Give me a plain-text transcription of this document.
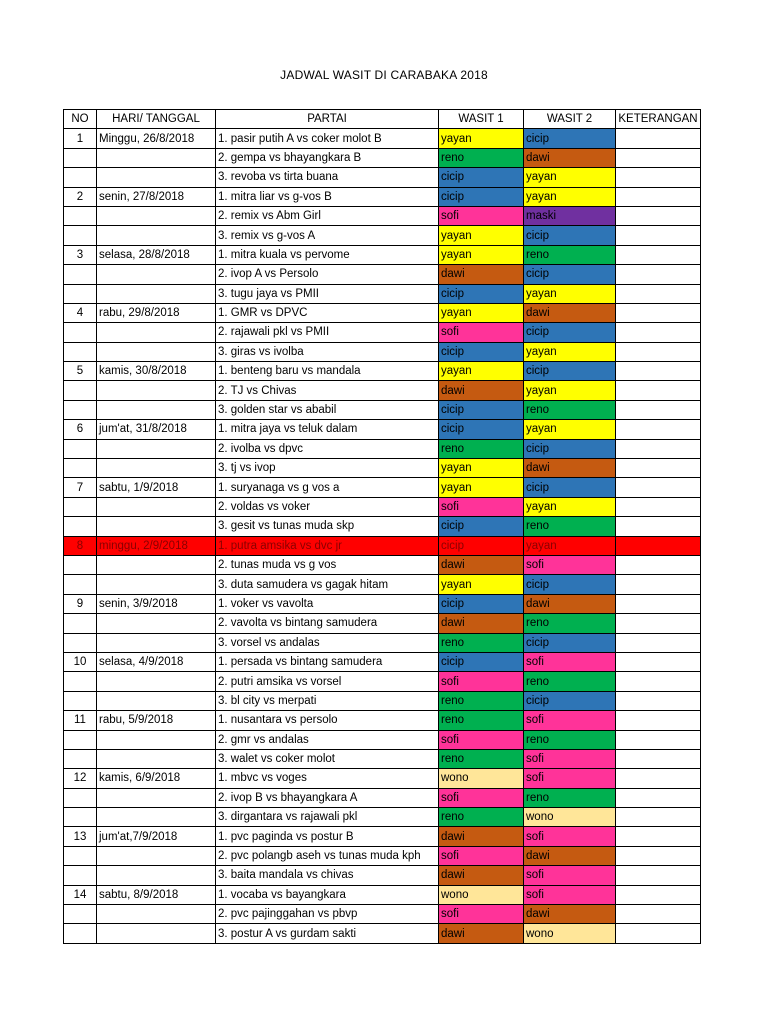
JADWAL WASIT DI CARABAKA 2018
NO	HARI/ TANGGAL	PARTAI	WASIT 1	WASIT 2	KETERANGAN
1	Minggu, 26/8/2018	1. pasir putih A vs coker molot B	yayan	cicip	
		2. gempa vs bhayangkara B	reno	dawi	
		3. revoba vs tirta buana	cicip	yayan	
2	senin, 27/8/2018	1. mitra liar vs g-vos B	cicip	yayan	
		2. remix vs Abm Girl	sofi	maski	
		3. remix vs g-vos A	yayan	cicip	
3	selasa, 28/8/2018	1. mitra kuala vs pervome	yayan	reno	
		2. ivop A vs Persolo	dawi	cicip	
		3. tugu jaya vs PMII	cicip	yayan	
4	rabu, 29/8/2018	1. GMR vs DPVC	yayan	dawi	
		2. rajawali pkl vs PMII	sofi	cicip	
		3. giras vs ivolba	cicip	yayan	
5	kamis, 30/8/2018	1. benteng baru vs mandala	yayan	cicip	
		2. TJ vs Chivas	dawi	yayan	
		3. golden star vs ababil	cicip	reno	
6	jum'at, 31/8/2018	1. mitra jaya vs teluk dalam	cicip	yayan	
		2. ivolba vs dpvc	reno	cicip	
		3. tj vs ivop	yayan	dawi	
7	sabtu, 1/9/2018	1. suryanaga vs g vos a	yayan	cicip	
		2. voldas vs voker	sofi	yayan	
		3. gesit vs tunas muda skp	cicip	reno	
8	minggu, 2/9/2018	1. putra amsika vs dvc jr	cicip	yayan	
		2. tunas muda vs g vos	dawi	sofi	
		3. duta samudera vs gagak hitam	yayan	cicip	
9	senin, 3/9/2018	1. voker vs vavolta	cicip	dawi	
		2. vavolta vs bintang samudera	dawi	reno	
		3. vorsel vs andalas	reno	cicip	
10	selasa, 4/9/2018	1. persada vs bintang samudera	cicip	sofi	
		2. putri amsika vs vorsel	sofi	reno	
		3. bl city vs merpati	reno	cicip	
11	rabu, 5/9/2018	1. nusantara vs persolo	reno	sofi	
		2. gmr vs andalas	sofi	reno	
		3. walet vs coker molot	reno	sofi	
12	kamis, 6/9/2018	1. mbvc vs voges	wono	sofi	
		2. ivop B vs bhayangkara A	sofi	reno	
		3. dirgantara vs rajawali pkl	reno	wono	
13	jum'at,7/9/2018	1. pvc paginda vs postur B	dawi	sofi	
		2. pvc polangb aseh vs tunas muda kph	sofi	dawi	
		3. baita mandala vs chivas	dawi	sofi	
14	sabtu, 8/9/2018	1. vocaba vs bayangkara	wono	sofi	
		2. pvc pajinggahan vs pbvp	sofi	dawi	
		3. postur A vs gurdam sakti	dawi	wono	
